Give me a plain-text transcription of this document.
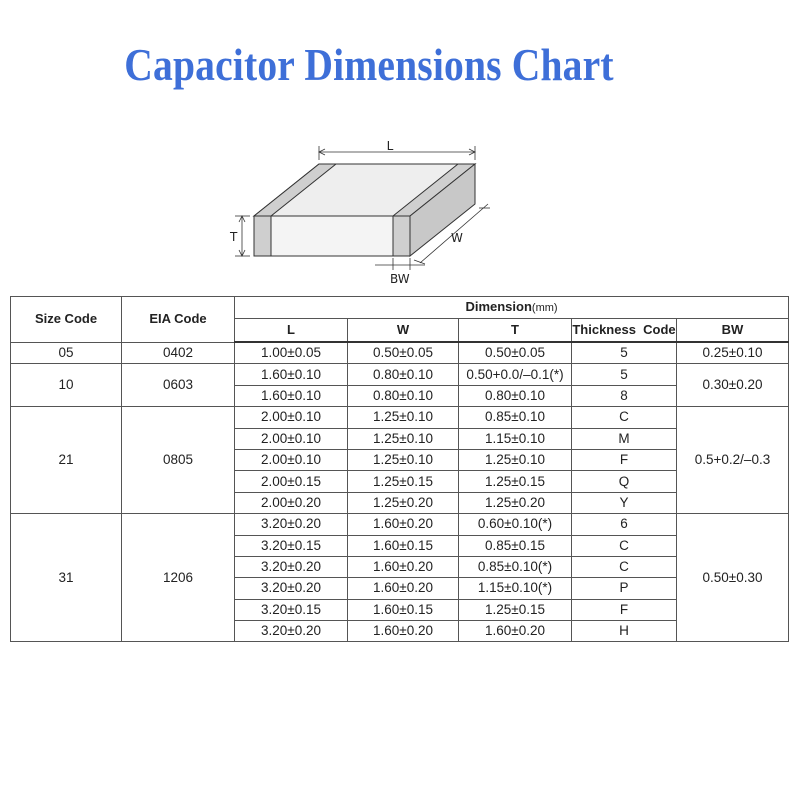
Capacitor Dimensions Chart
L
T	W
BW
Size Code	EIA Code	Dimension(mm)				
		L	W	T	Thickness  Code	BW
05	0402	1.00±0.05	0.50±0.05	0.50±0.05	5	0.25±0.10
10	0603	1.60±0.10	0.80±0.10	0.50+0.0/–0.1(*)	5	0.30±0.20
		1.60±0.10	0.80±0.10	0.80±0.10	8	
21	0805	2.00±0.10	1.25±0.10	0.85±0.10	C	0.5+0.2/–0.3
		2.00±0.10	1.25±0.10	1.15±0.10	M	
		2.00±0.10	1.25±0.10	1.25±0.10	F	
		2.00±0.15	1.25±0.15	1.25±0.15	Q	
		2.00±0.20	1.25±0.20	1.25±0.20	Y	
31	1206	3.20±0.20	1.60±0.20	0.60±0.10(*)	6	0.50±0.30
		3.20±0.15	1.60±0.15	0.85±0.15	C	
		3.20±0.20	1.60±0.20	0.85±0.10(*)	C	
		3.20±0.20	1.60±0.20	1.15±0.10(*)	P	
		3.20±0.15	1.60±0.15	1.25±0.15	F	
		3.20±0.20	1.60±0.20	1.60±0.20	H	
